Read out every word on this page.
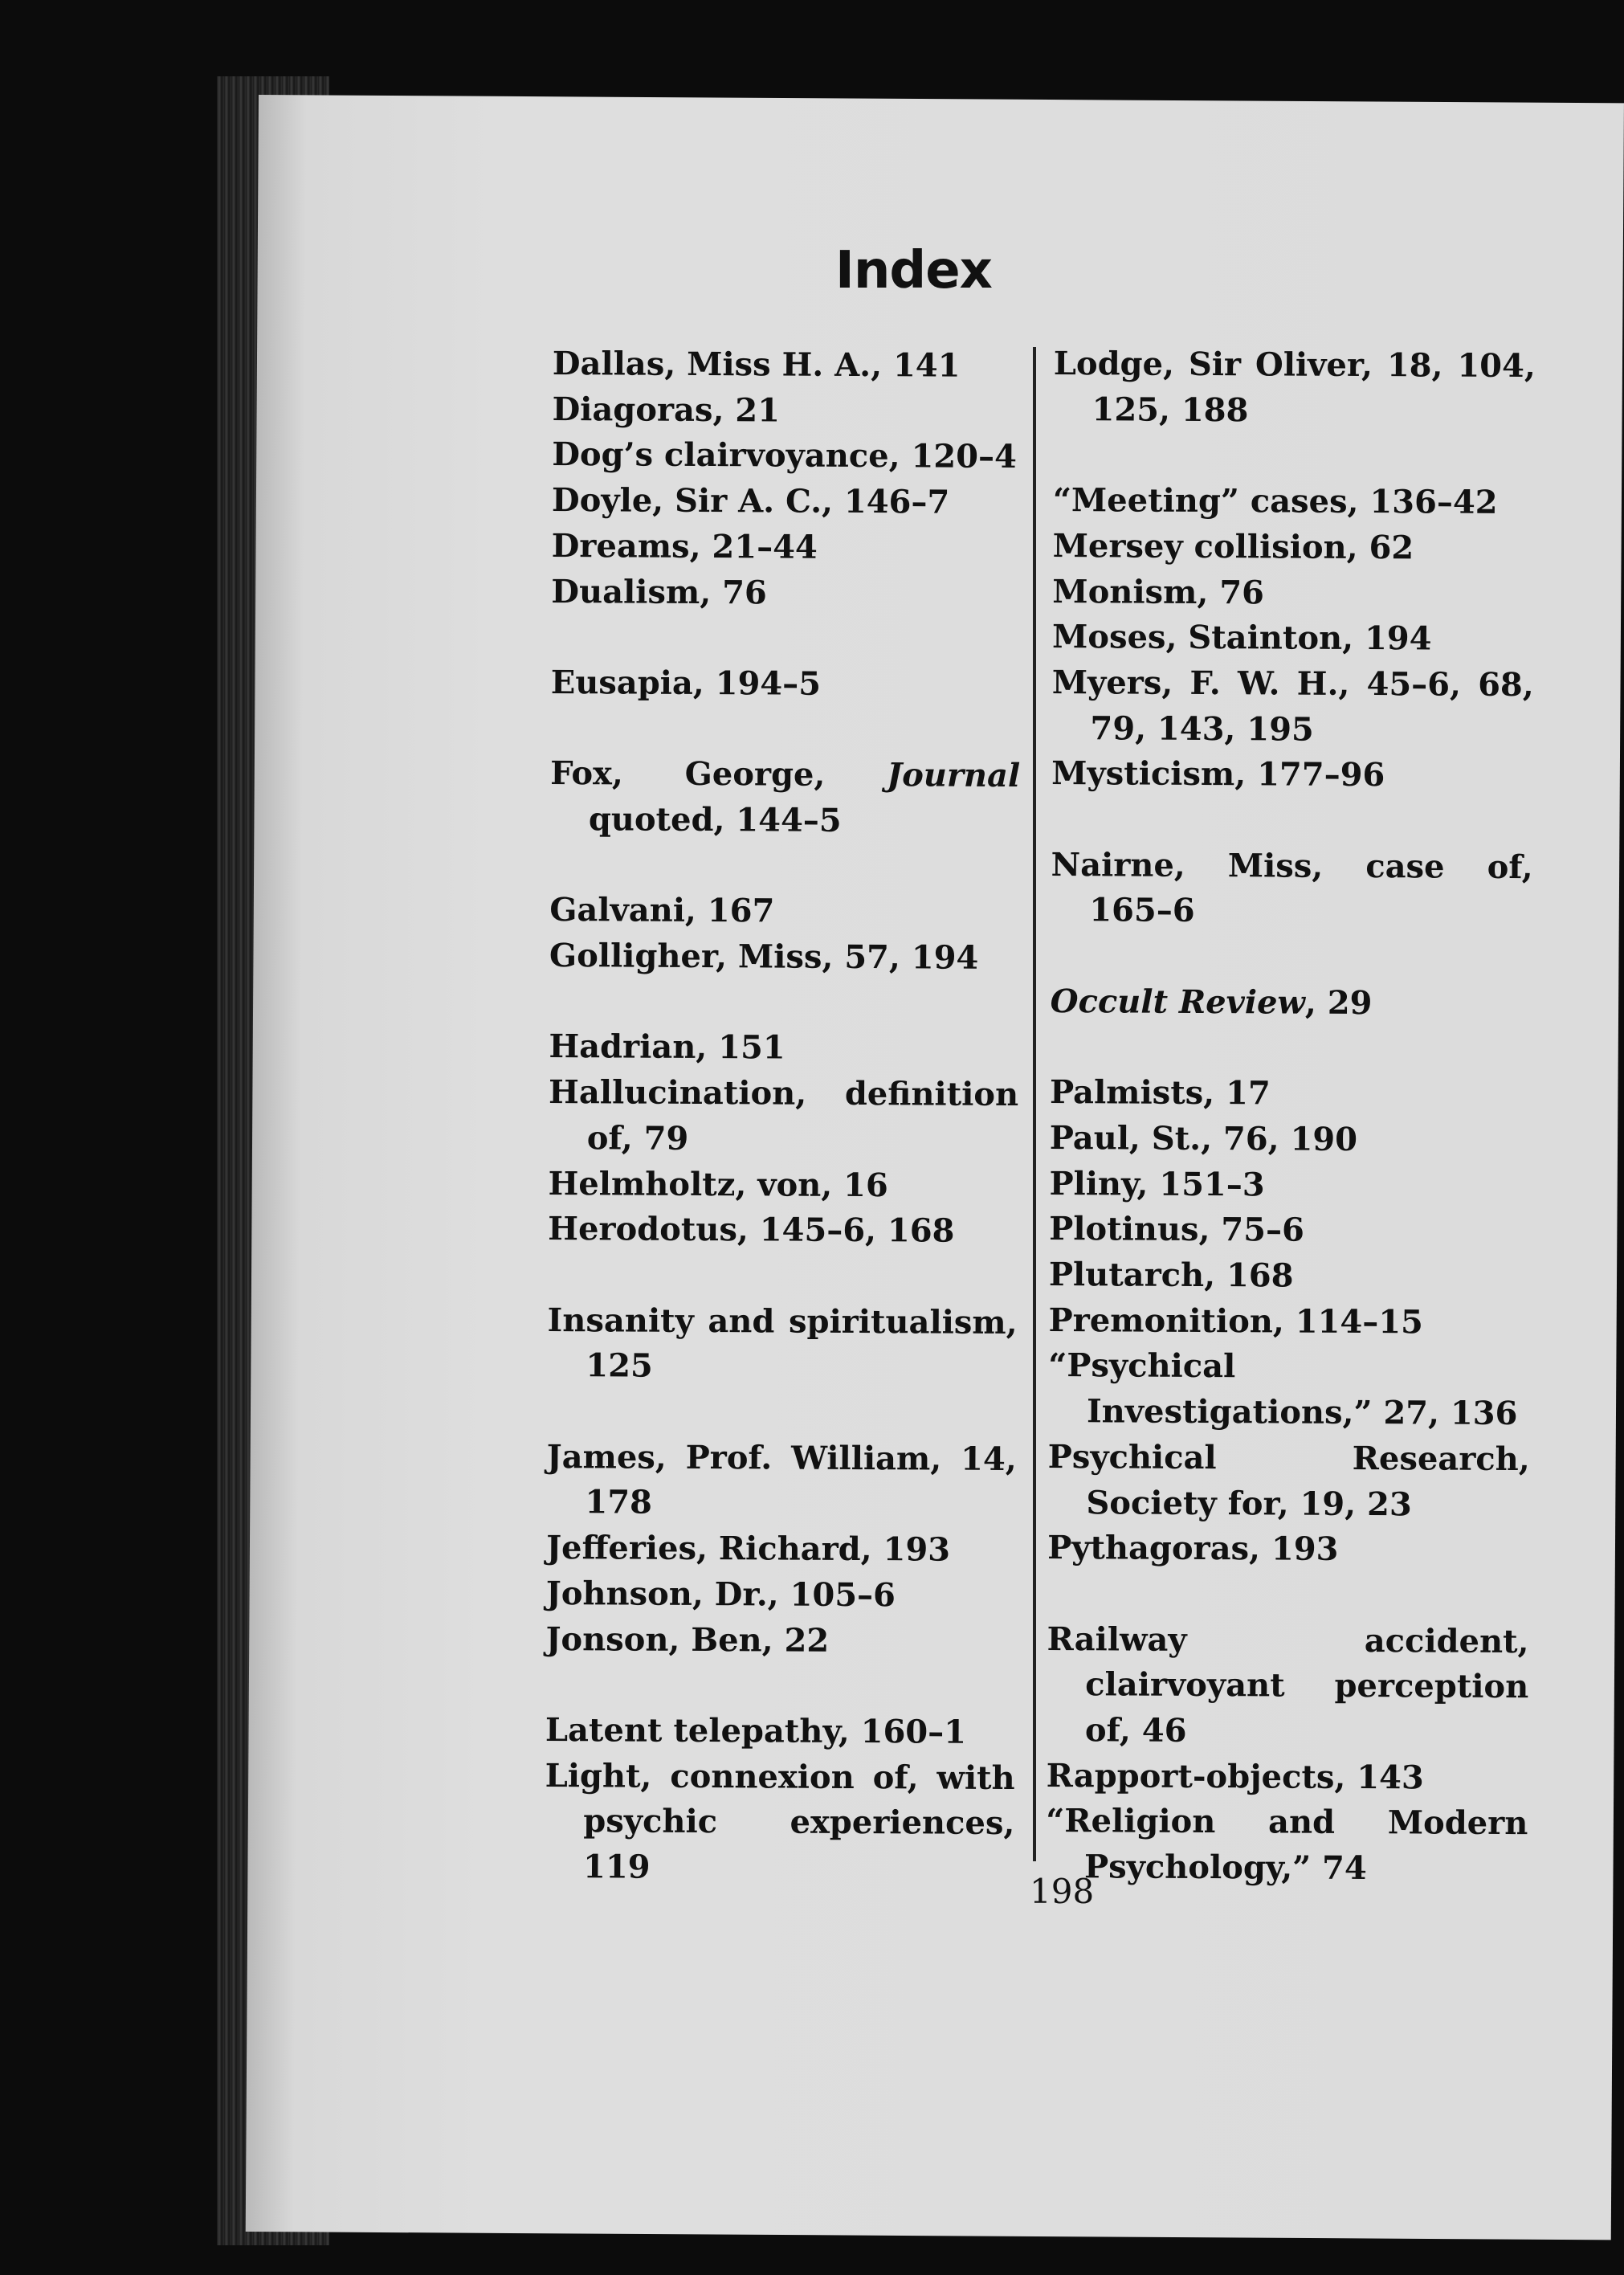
Index
Dallas, Miss H. A., 141
Diagoras, 21
Dog’s clairvoyance, 120–4
Doyle, Sir A. C., 146–7
Dreams, 21–44
Dualism, 76
Eusapia, 194–5
Fox, George, Journal quoted, 144–5
Galvani, 167
Golligher, Miss, 57, 194
Hadrian, 151
Hallucination, definition of, 79
Helmholtz, von, 16
Herodotus, 145–6, 168
Insanity and spiritualism, 125
James, Prof. William, 14, 178
Jefferies, Richard, 193
Johnson, Dr., 105–6
Jonson, Ben, 22
Latent telepathy, 160–1
Light, connexion of, with psychic experiences, 119
Lodge, Sir Oliver, 18, 104, 125, 188
“Meeting” cases, 136–42
Mersey collision, 62
Monism, 76
Moses, Stainton, 194
Myers, F. W. H., 45–6, 68, 79, 143, 195
Mysticism, 177–96
Nairne, Miss, case of, 165–6
Occult Review, 29
Palmists, 17
Paul, St., 76, 190
Pliny, 151–3
Plotinus, 75–6
Plutarch, 168
Premonition, 114–15
“Psychical Investigations,” 27, 136
Psychical Research, Society for, 19, 23
Pythagoras, 193
Railway accident, clairvoyant perception of, 46
Rapport-objects, 143
“Religion and Modern Psychology,” 74
198
